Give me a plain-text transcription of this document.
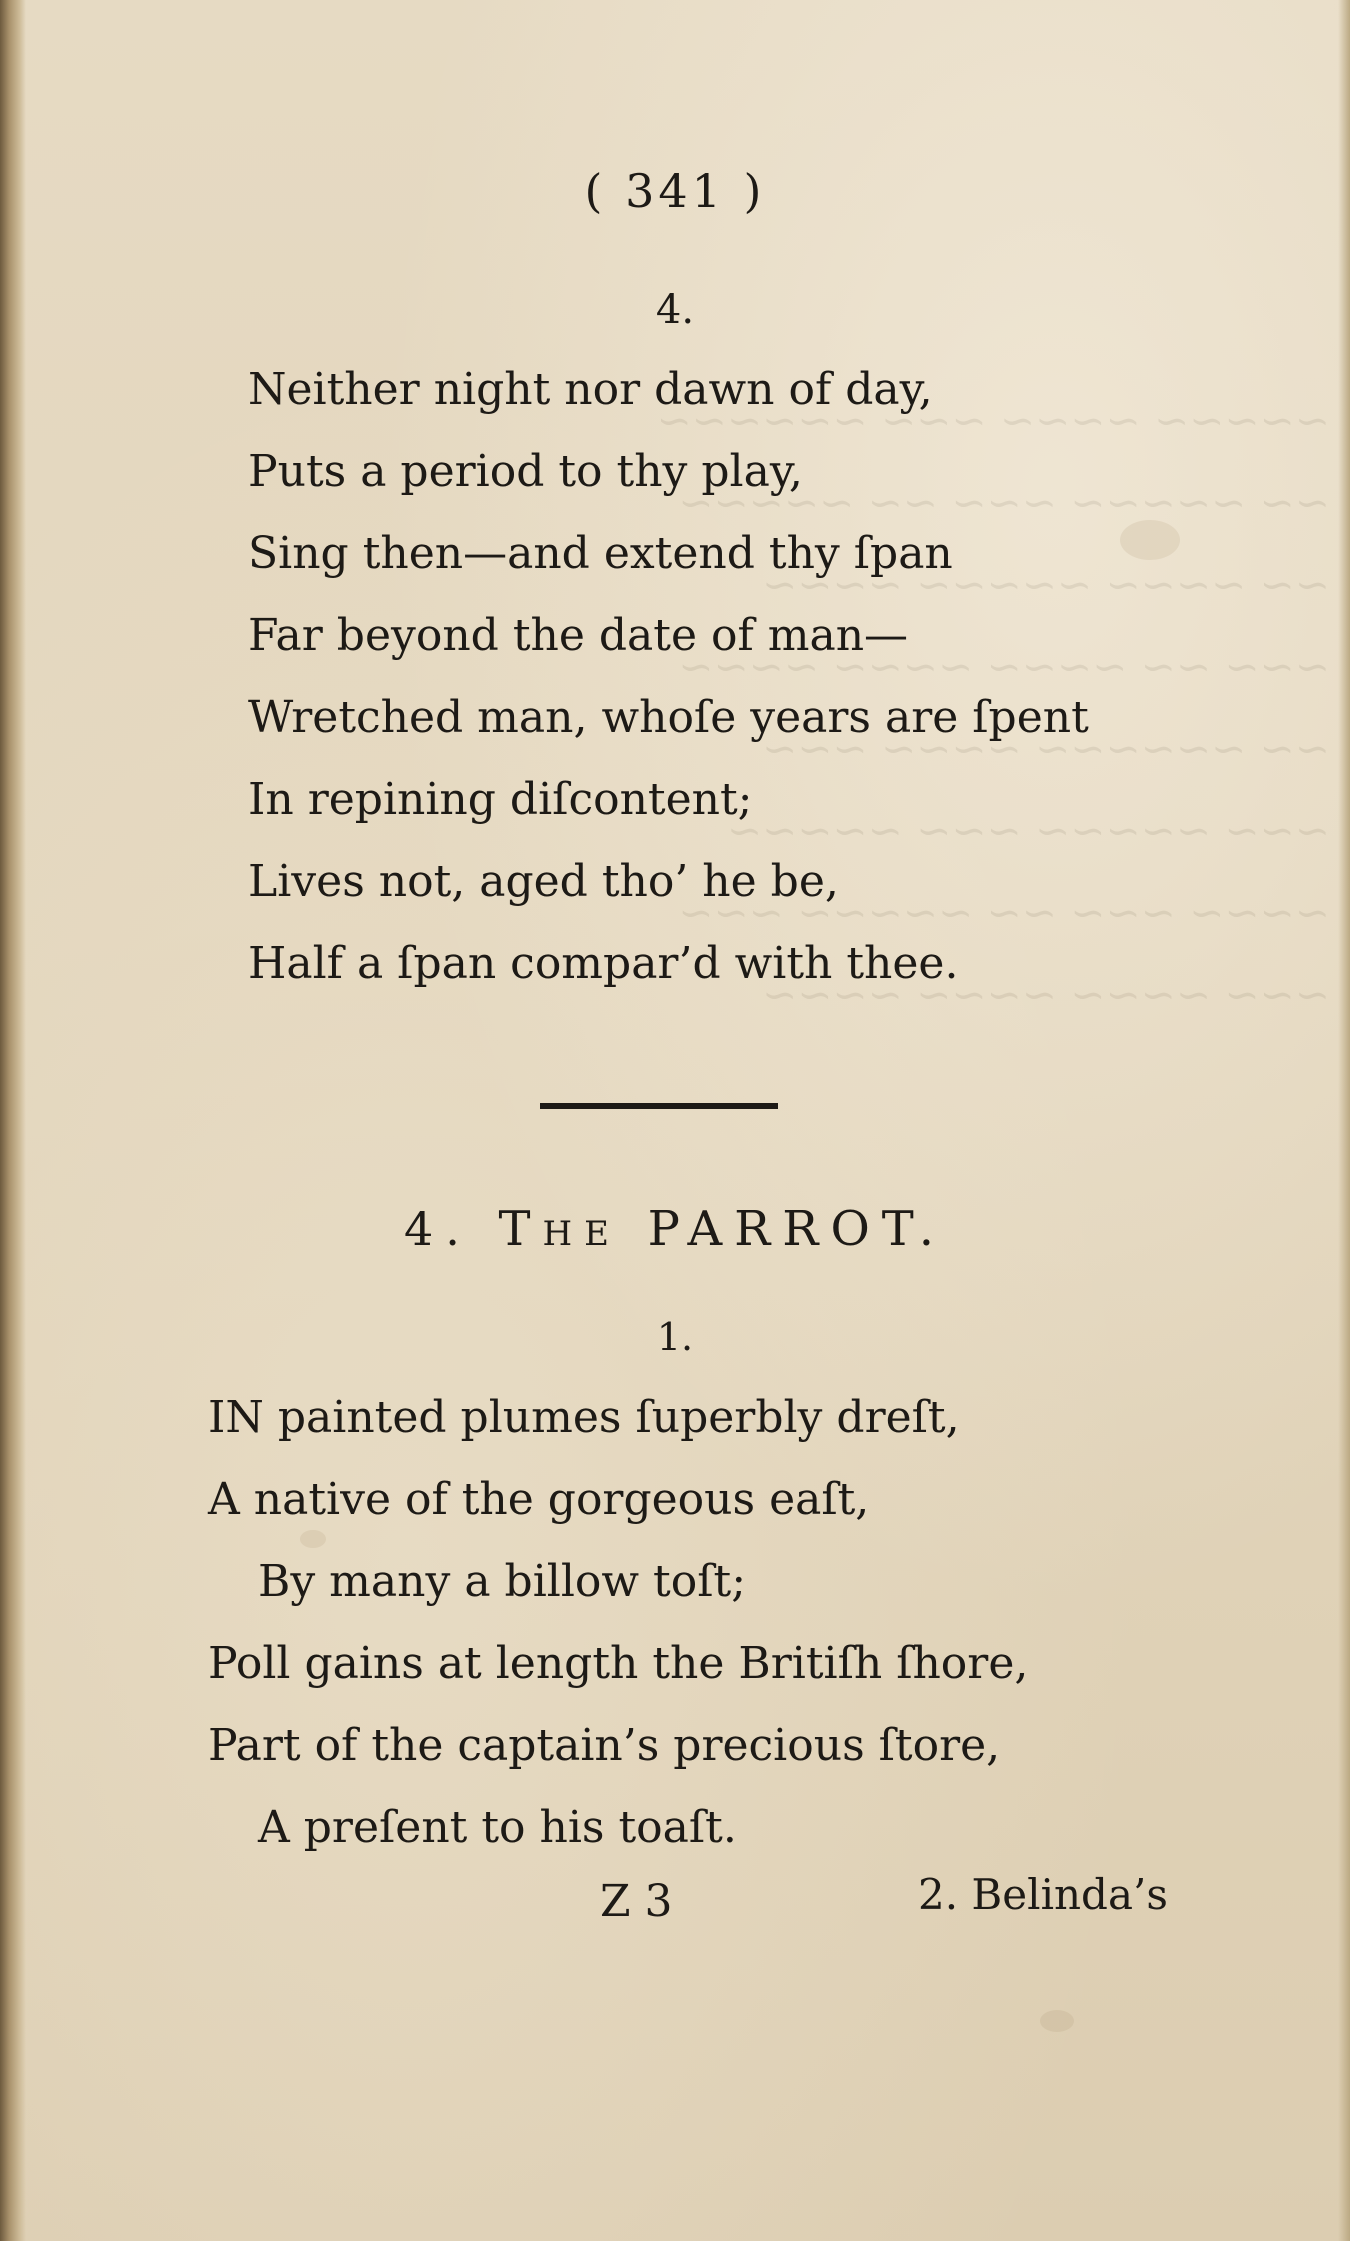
∼∼∼∼∼ ∼∼∼∼ ∼∼∼ ∼∼∼∼∼∼
∼∼ ∼∼∼∼∼ ∼∼∼ ∼∼ ∼∼∼∼∼
∼∼ ∼∼∼∼ ∼∼∼∼∼ ∼∼∼∼
∼∼∼ ∼∼ ∼∼∼∼ ∼∼∼∼ ∼∼∼∼
∼∼ ∼∼∼∼∼∼ ∼∼∼∼ ∼∼∼
∼∼∼ ∼∼∼∼∼ ∼∼∼ ∼∼∼∼∼
∼∼∼∼ ∼∼∼ ∼∼ ∼∼∼∼∼ ∼∼∼
∼∼∼ ∼∼∼∼ ∼∼∼∼ ∼∼∼∼
( 341 )
4.
Neither night nor dawn of day,
Puts a period to thy play,
Sing then—and extend thy ſpan
Far beyond the date of man—
Wretched man, whoſe years are ſpent
In repining diſcontent;
Lives not, aged tho’ he be,
Half a ſpan compar’d with thee.
4. THE PARROT.
1.
IN painted plumes ſuperbly dreſt,
A native of the gorgeous eaſt,
By many a billow toſt;
Poll gains at length the Britiſh ſhore,
Part of the captain’s precious ſtore,
A preſent to his toaſt.
Z 3	2. Belinda’s
